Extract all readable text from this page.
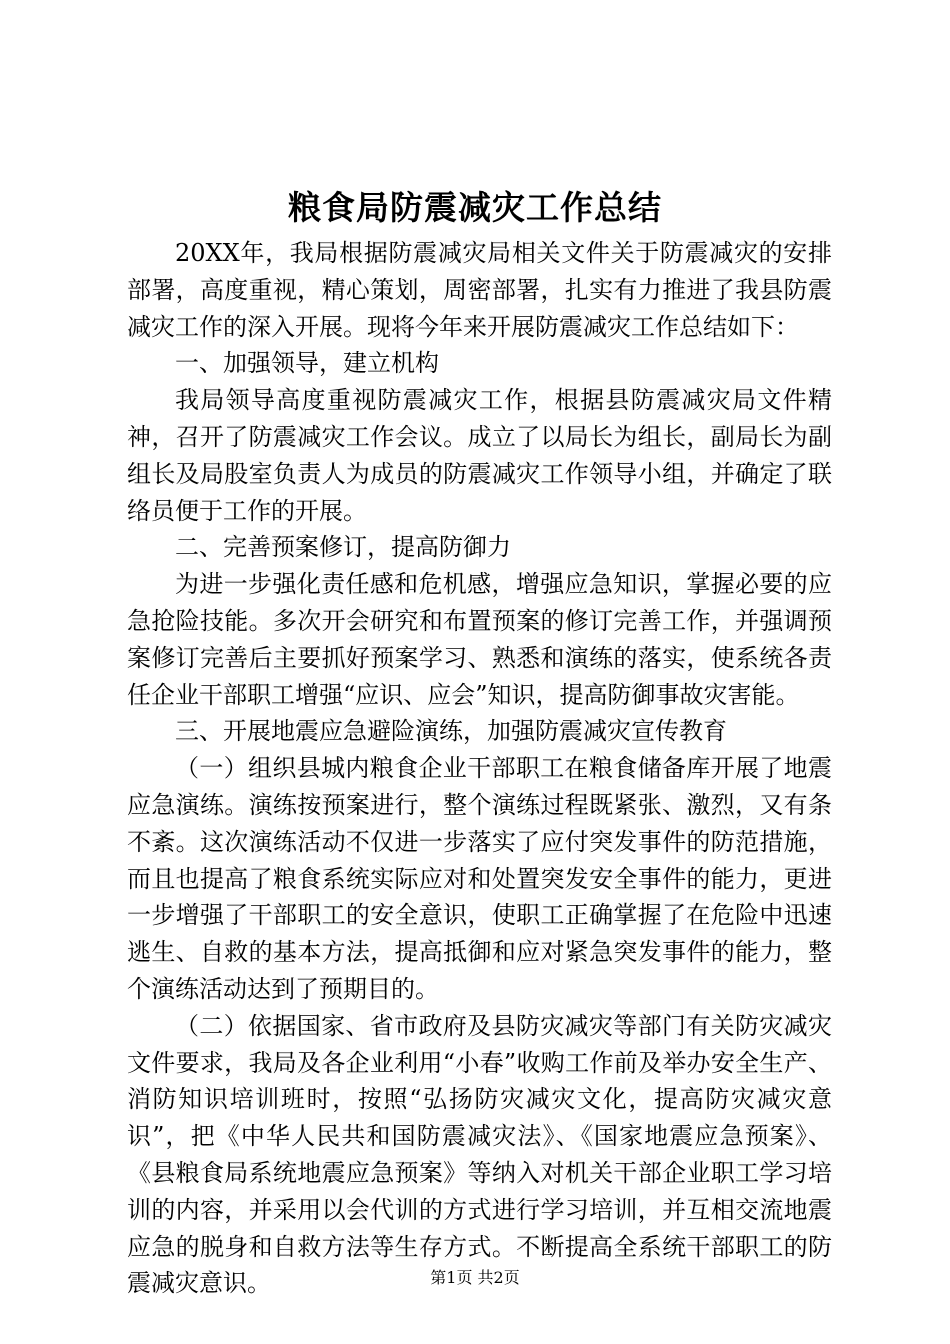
粮食局防震减灾工作总结

20XX年，我局根据防震减灾局相关文件关于防震减灾的安排部署，高度重视，精心策划，周密部署，扎实有力推进了我县防震减灾工作的深入开展。现将今年来开展防震减灾工作总结如下：

一、加强领导，建立机构

我局领导高度重视防震减灾工作，根据县防震减灾局文件精神，召开了防震减灾工作会议。成立了以局长为组长，副局长为副组长及局股室负责人为成员的防震减灾工作领导小组，并确定了联络员便于工作的开展。

二、完善预案修订，提高防御力

为进一步强化责任感和危机感，增强应急知识，掌握必要的应急抢险技能。多次开会研究和布置预案的修订完善工作，并强调预案修订完善后主要抓好预案学习、熟悉和演练的落实，使系统各责任企业干部职工增强“应识、应会”知识，提高防御事故灾害能。

三、开展地震应急避险演练，加强防震减灾宣传教育

（一）组织县城内粮食企业干部职工在粮食储备库开展了地震应急演练。演练按预案进行，整个演练过程既紧张、激烈，又有条不紊。这次演练活动不仅进一步落实了应付突发事件的防范措施，而且也提高了粮食系统实际应对和处置突发安全事件的能力，更进一步增强了干部职工的安全意识，使职工正确掌握了在危险中迅速逃生、自救的基本方法，提高抵御和应对紧急突发事件的能力，整个演练活动达到了预期目的。

（二）依据国家、省市政府及县防灾减灾等部门有关防灾减灾文件要求，我局及各企业利用“小春”收购工作前及举办安全生产、消防知识培训班时，按照“弘扬防灾减灾文化，提高防灾减灾意识”，把《中华人民共和国防震减灾法》、《国家地震应急预案》、《县粮食局系统地震应急预案》等纳入对机关干部企业职工学习培训的内容，并采用以会代训的方式进行学习培训，并互相交流地震应急的脱身和自救方法等生存方式。不断提高全系统干部职工的防震减灾意识。	第1页 共2页
